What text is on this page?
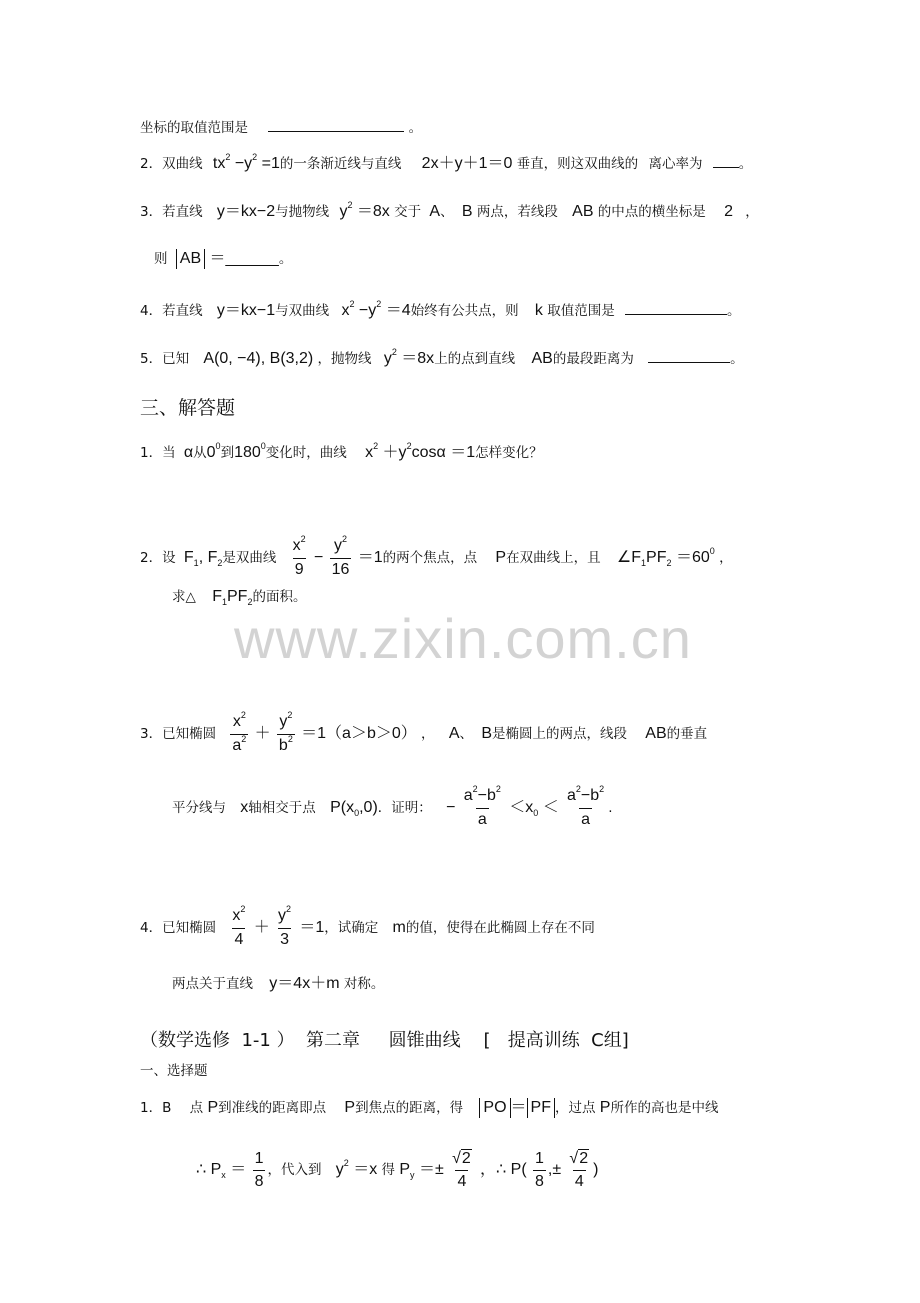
坐标的取值范围是	。
2．双曲线 $tx^2 -y^2 =1$的一条渐近线与直线 2x＋y＋1＝0 垂直，则这双曲线的 离心率为	。
3．若直线 y＝kx−2与抛物线 $y^2 =8x$ 交于 A、 B 两点，若线段 AB 的中点的横坐标是 2 ，
则 AB ＝______。
4．若直线 y＝kx−1与双曲线 $x^2 -y^2 =4$始终有公共点，则 k 取值范围是	。
5．已知 A(0, −4), B(3,2) ，抛物线 $y^2 =8x$上的点到直线 AB的最段距离为	。
三、解答题
1．当 α从$0^0$到$180^0$变化时，曲线 $x^2 +y^2\cos\alpha =1$怎样变化？
2．设 $F_1$, $F_2$是双曲线 $\frac{x^2}{9} - \frac{y^2}{16} =1$的两个焦点，点 P在双曲线上，且 $\angle F_1PF_2 =60^0$ ，
求△ $F_1PF_2$的面积。
www.zixin.com.cn
3．已知椭圆 $\frac{x^2}{a^2} + \frac{y^2}{b^2} =1(a>b>0)$ ， A、 B是椭圆上的两点，线段 AB的垂直
平分线与 x轴相交于点 $P(x_0,0)$．证明： − $\frac{a^2-b^2}{a} <x_0 < \frac{a^2-b^2}{a}$ .
4．已知椭圆 $\frac{x^2}{4} + \frac{y^2}{3} =1$，试确定 m的值，使得在此椭圆上存在不同
两点关于直线 y＝4x＋m 对称。
（数学选修  1-1 ）  第二章     圆锥曲线    [   提高训练  C组]
一、选择题
1．B 点 P到准线的距离即点 P到焦点的距离，得 PO ＝ PF ，过点 P所作的高也是中线
∴ $P_x = \frac{1}{8}$ ，代入到 $y^2 =x$ 得 $P_y =\pm \frac{√2}{4}$ ，∴ $P( \frac{1}{8}$ ,± $\frac{√2}{4}$ )
